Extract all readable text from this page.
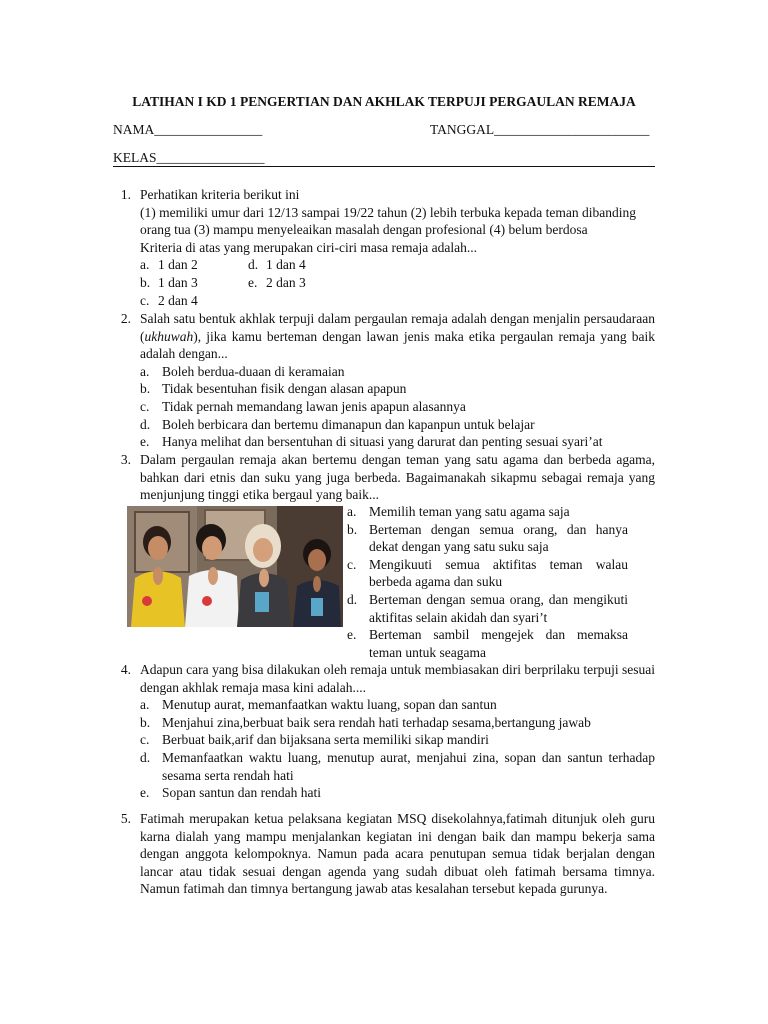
LATIHAN I KD 1 PENGERTIAN DAN AKHLAK TERPUJI PERGAULAN REMAJA
NAMA________________	TANGGAL_______________________
KELAS________________
1. Perhatikan kriteria berikut ini

(1) memiliki umur dari 12/13 sampai 19/22 tahun (2) lebih terbuka kepada teman dibanding orang tua (3) mampu menyeleaikan masalah dengan profesional (4) belum berdosa

Kriteria di atas yang merupakan ciri-ciri masa remaja adalah...

a. 1 dan 2	d. 1 dan 4
b. 1 dan 3	e. 2 dan 3
c. 2 dan 4
2. Salah satu bentuk akhlak terpuji dalam pergaulan remaja adalah dengan menjalin persaudaraan (ukhuwah), jika kamu berteman dengan lawan jenis maka etika pergaulan remaja yang baik adalah dengan...

a. Boleh berdua-duaan di keramaian
b. Tidak besentuhan fisik dengan alasan apapun
c. Tidak pernah memandang lawan jenis apapun alasannya
d. Boleh berbicara dan bertemu dimanapun dan kapanpun untuk belajar
e. Hanya melihat dan bersentuhan di situasi yang darurat dan penting sesuai syari’at
3. Dalam pergaulan remaja akan bertemu dengan teman yang satu agama dan berbeda agama, bahkan dari etnis dan suku yang juga berbeda. Bagaimanakah sikapmu sebagai remaja yang menjunjung tinggi etika bergaul yang baik...

a. Memilih teman yang satu agama saja
b. Berteman dengan semua orang, dan hanya dekat dengan yang satu suku saja
c. Mengikuuti semua aktifitas teman walau berbeda agama dan suku
d. Berteman dengan semua orang, dan mengikuti aktifitas selain akidah dan syari’t
e. Berteman sambil mengejek dan memaksa teman untuk seagama
4. Adapun cara yang bisa dilakukan oleh remaja untuk membiasakan diri berprilaku terpuji sesuai dengan akhlak remaja masa kini adalah....

a. Menutup aurat, memanfaatkan waktu luang, sopan dan santun
b. Menjahui zina,berbuat baik sera rendah hati terhadap sesama,bertangung jawab
c. Berbuat baik,arif dan bijaksana serta memiliki sikap mandiri
d. Memanfaatkan waktu luang, menutup aurat, menjahui zina, sopan dan santun terhadap sesama serta rendah hati
e. Sopan santun dan rendah hati
5. Fatimah merupakan ketua pelaksana kegiatan MSQ disekolahnya,fatimah ditunjuk oleh guru karna dialah yang mampu menjalankan kegiatan ini dengan baik dan mampu bekerja sama dengan anggota kelompoknya. Namun pada acara penutupan semua tidak berjalan dengan lancar atau tidak sesuai dengan agenda yang sudah dibuat oleh fatimah bersama timnya. Namun fatimah dan timnya bertangung jawab atas kesalahan tersebut kepada gurunya.
